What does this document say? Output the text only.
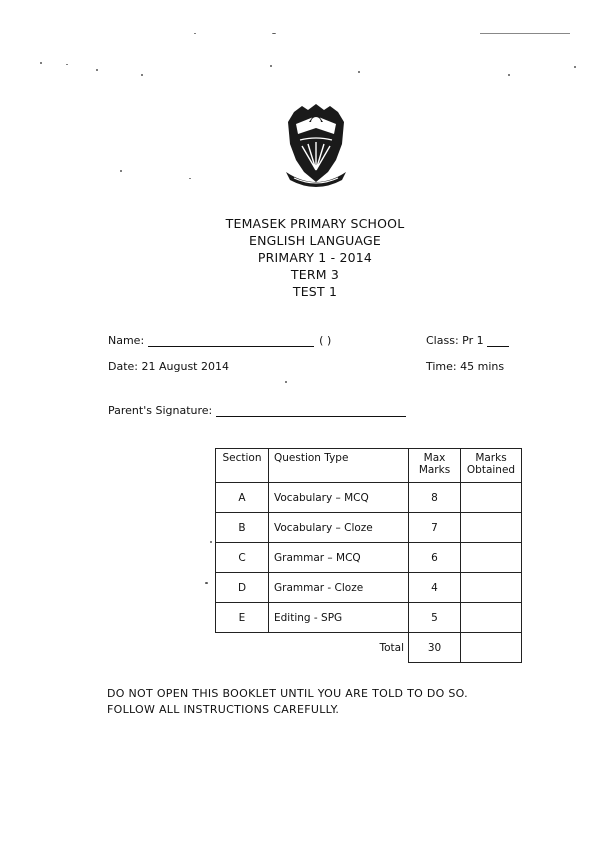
TEMASEK PRIMARY SCHOOL
ENGLISH LANGUAGE
PRIMARY 1 - 2014
TERM 3
TEST 1
Name:	( )	Class: Pr 1
Date: 21 August 2014	Time: 45 mins
Parent's Signature:
Section	Question Type	Max Marks	Marks Obtained
A	Vocabulary – MCQ	8	
B	Vocabulary – Cloze	7	
C	Grammar – MCQ	6	
D	Grammar - Cloze	4	
E	Editing - SPG	5	
	Total	30	
DO NOT OPEN THIS BOOKLET UNTIL YOU ARE TOLD TO DO SO.
FOLLOW ALL INSTRUCTIONS CAREFULLY.
